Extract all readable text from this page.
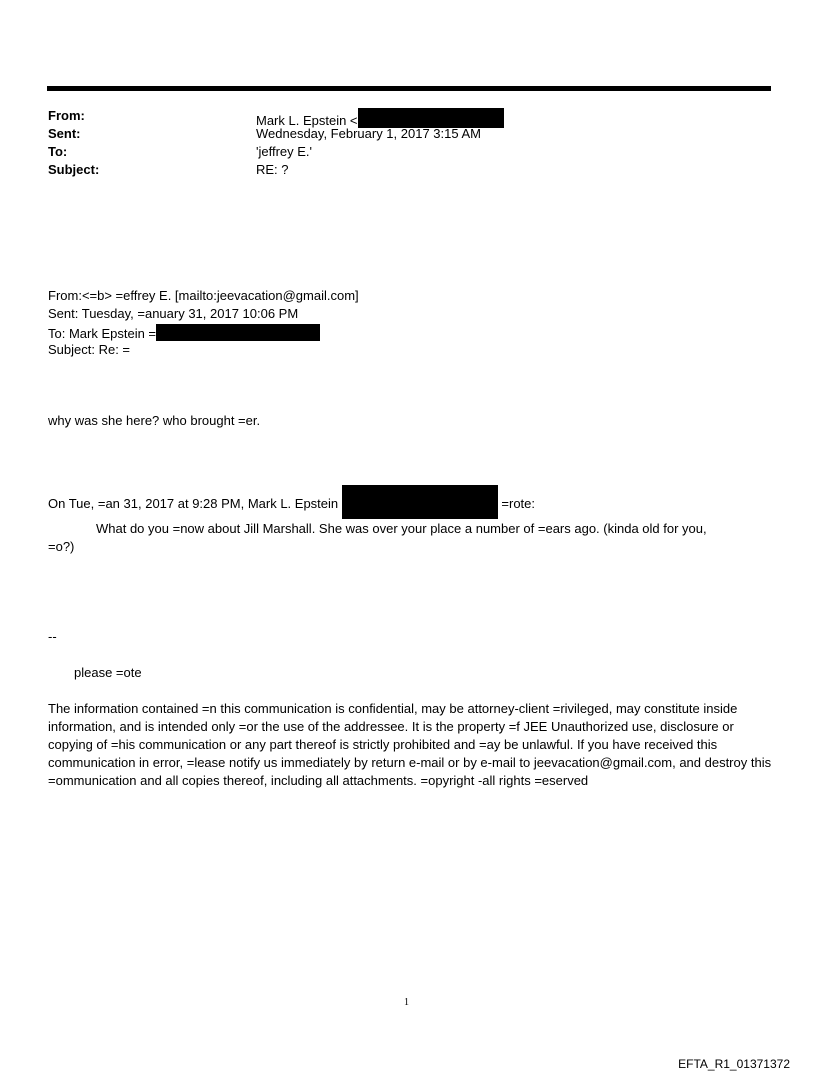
From:	Mark L. Epstein <
Sent:	Wednesday, February 1, 2017 3:15 AM
To:	'jeffrey E.'
Subject:	RE: ?
From:<=b> =effrey E. [mailto:jeevacation@gmail.com]
Sent: Tuesday, =anuary 31, 2017 10:06 PM
To: Mark Epstein =
Subject: Re: =
why was she here? who brought =er.
On Tue, =an 31, 2017 at 9:28 PM, Mark L. Epstein	=rote:
What do you =now about Jill Marshall. She was over your place a number of =ears ago. (kinda old for you,
=o?)
--
please =ote
The information contained =n this communication is confidential, may be attorney-client =rivileged, may constitute inside information, and is intended only =or the use of the addressee. It is the property =f JEE Unauthorized use, disclosure or copying of =his communication or any part thereof is strictly prohibited and =ay be unlawful. If you have received this communication in error, =lease notify us immediately by return e-mail or by e-mail to jeevacation@gmail.com, and destroy this =ommunication and all copies thereof, including all attachments. =opyright -all rights =eserved
1
EFTA_R1_01371372
